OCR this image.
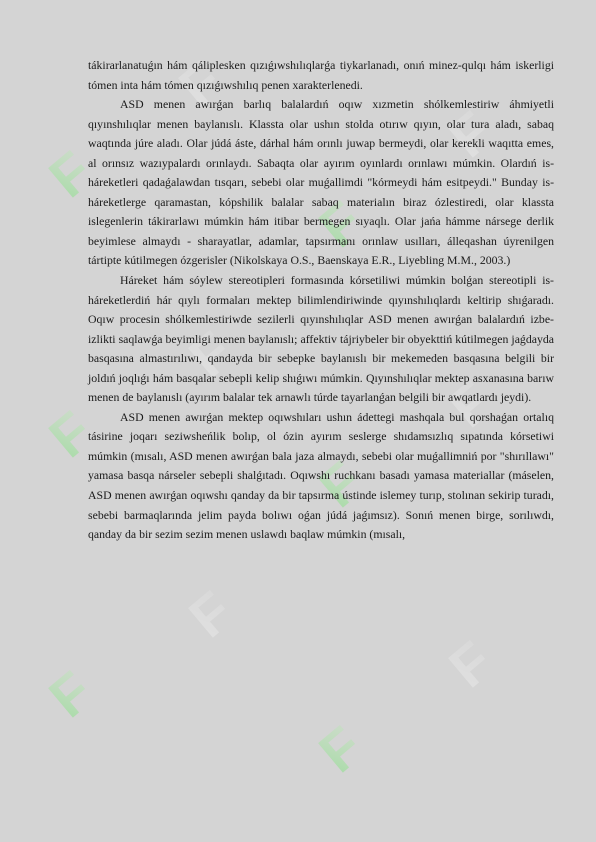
F
F
F
F
F
F
F
F
F
F
F
F

tákirarlanatuǵın hám qáliplesken qızıǵıwshılıqlarǵa tiykarlanadı, onıń minez-qulqı hám iskerligi tómen inta hám tómen qızıǵıwshılıq penen xarakterlenedi.

ASD menen awırǵan barlıq balalardıń oqıw xızmetin shólkemlestiriw áhmiyetli qıyınshılıqlar menen baylanıslı. Klassta olar ushın stolda otırıw qıyın, olar tura aladı, sabaq waqtında júre aladı. Olar júdá áste, dárhal hám orınlı juwap bermeydi, olar kerekli waqıtta emes, al orınsız wazıypalardı orınlaydı. Sabaqta olar ayırım oyınlardı orınlawı múmkin. Olardıń is-háreketleri qadaǵalawdan tısqarı, sebebi olar muǵallimdi "kórmeydi hám esitpeydi." Bunday is-háreketlerge qaramastan, kópshilik balalar sabaq materialın biraz ózlestiredi, olar klassta islegenlerin tákirarlawı múmkin hám itibar bermegen sıyaqlı. Olar jańa hámme nársege derlik beyimlese almaydı - sharayatlar, adamlar, tapsırmanı orınlaw usılları, álleqashan úyrenilgen tártipte kútilmegen ózgerisler (Nikolskaya O.S., Baenskaya E.R., Liyebling M.M., 2003.)

Háreket hám sóylew stereotipleri formasında kórsetiliwi múmkin bolǵan stereotipli is-háreketlerdiń hár qıylı formaları mektep bilimlendiriwinde qıyınshılıqlardı keltirip shıǵaradı. Oqıw procesin shólkemlestiriwde sezilerli qıyınshılıqlar ASD menen awırǵan balalardıń izbe-izlikti saqlawǵa beyimligi menen baylanıslı; affektiv tájriybeler bir obyekttiń kútilmegen jaǵdayda basqasına almastırılıwı, qandayda bir sebepke baylanıslı bir mekemeden basqasına belgili bir joldıń joqlıǵı hám basqalar sebepli kelip shıǵıwı múmkin. Qıyınshılıqlar mektep asxanasına barıw menen de baylanıslı (ayırım balalar tek arnawlı túrde tayarlanǵan belgili bir awqatlardı jeydi).

ASD menen awırǵan mektep oqıwshıları ushın ádettegi mashqala bul qorshaǵan ortalıq tásirine joqarı seziwsheńlik bolıp, ol ózin ayırım seslerge shıdamsızlıq sıpatında kórsetiwi múmkin (mısalı, ASD menen awırǵan bala jaza almaydı, sebebi olar muǵallimniń por "shırıllawı" yamasa basqa nárseler sebepli shalǵıtadı. Oqıwshı ruchkanı basadı yamasa materiallar (máselen, ASD menen awırǵan oqıwshı qanday da bir tapsırma ústinde islemey turıp, stolınan sekirip turadı, sebebi barmaqlarında jelim payda bolıwı oǵan júdá jaǵımsız). Sonıń menen birge, sorılıwdı, qanday da bir sezim sezim menen uslawdı baqlaw múmkin (mısalı,
